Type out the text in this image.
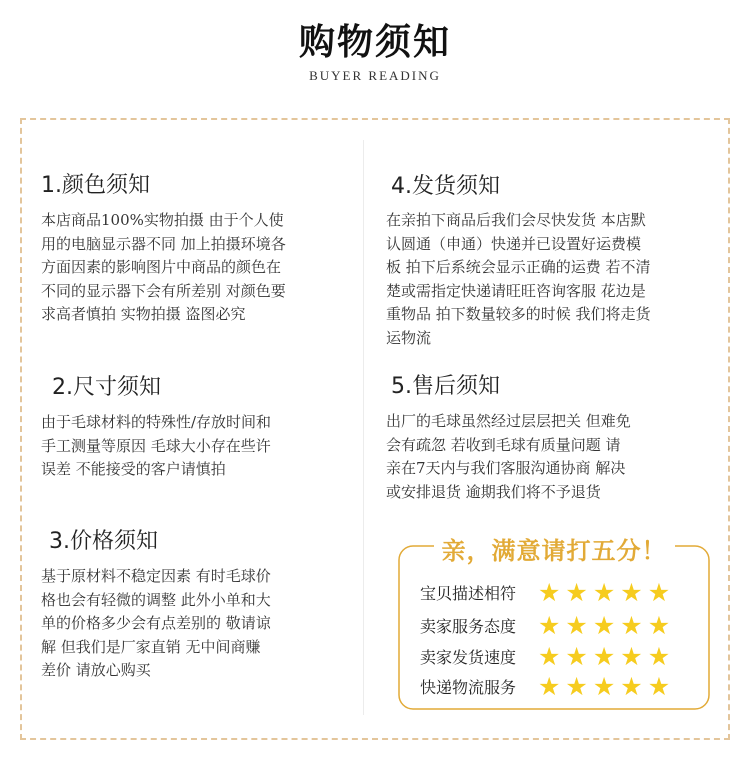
购物须知
BUYER READING
1.颜色须知

本店商品100%实物拍摄 由于个人使
用的电脑显示器不同 加上拍摄环境各
方面因素的影响图片中商品的颜色在
不同的显示器下会有所差别 对颜色要
求高者慎拍 实物拍摄 盗图必究

2.尺寸须知

由于毛球材料的特殊性/存放时间和
手工测量等原因 毛球大小存在些许
误差 不能接受的客户请慎拍

3.价格须知

基于原材料不稳定因素 有时毛球价
格也会有轻微的调整 此外小单和大
单的价格多少会有点差别的 敬请谅
解 但我们是厂家直销 无中间商赚
差价 请放心购买

4.发货须知

在亲拍下商品后我们会尽快发货 本店默
认圆通（申通）快递并已设置好运费模
板 拍下后系统会显示正确的运费 若不清
楚或需指定快递请旺旺咨询客服 花边是
重物品 拍下数量较多的时候 我们将走货
运物流

5.售后须知

出厂的毛球虽然经过层层把关 但难免
会有疏忽 若收到毛球有质量问题 请
亲在7天内与我们客服沟通协商 解决
或安排退货 逾期我们将不予退货

亲，满意请打五分！
宝贝描述相符 ★ ★ ★ ★ ★
卖家服务态度 ★ ★ ★ ★ ★
卖家发货速度 ★ ★ ★ ★ ★
快递物流服务 ★ ★ ★ ★ ★
